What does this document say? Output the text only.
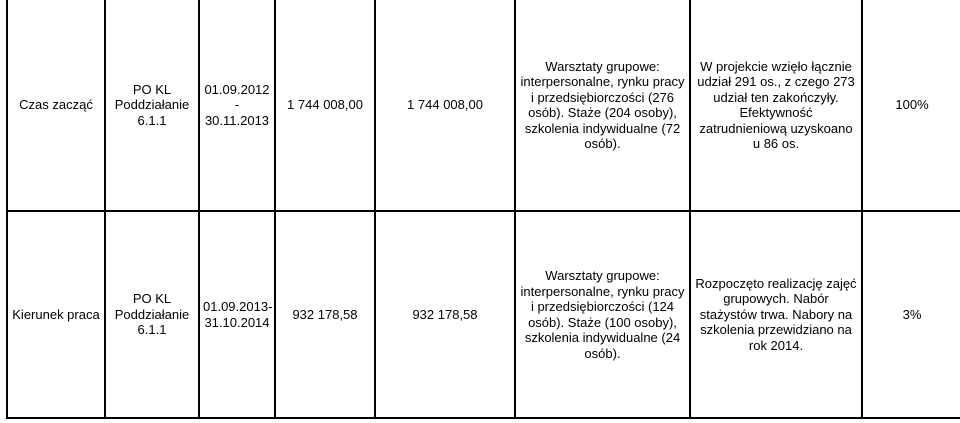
Czas zacząć	PO KL Poddziałanie 6.1.1	01.09.2012 - 30.11.2013	1 744 008,00	1 744 008,00	Warsztaty grupowe: interpersonalne, rynku pracy i przedsiębiorczości (276 osób). Staże (204 osoby), szkolenia indywidualne (72 osób).	W projekcie wzięło łącznie udział 291 os., z czego 273 udział ten zakończyły. Efektywność zatrudnieniową uzyskoano u 86 os.	100%
Kierunek praca	PO KL Poddziałanie 6.1.1	01.09.2013-31.10.2014	932 178,58	932 178,58	Warsztaty grupowe: interpersonalne, rynku pracy i przedsiębiorczości (124 osób). Staże (100 osoby), szkolenia indywidualne (24 osób).	Rozpoczęto realizację zajęć grupowych. Nabór stażystów trwa. Nabory na szkolenia przewidziano na rok 2014.	3%
